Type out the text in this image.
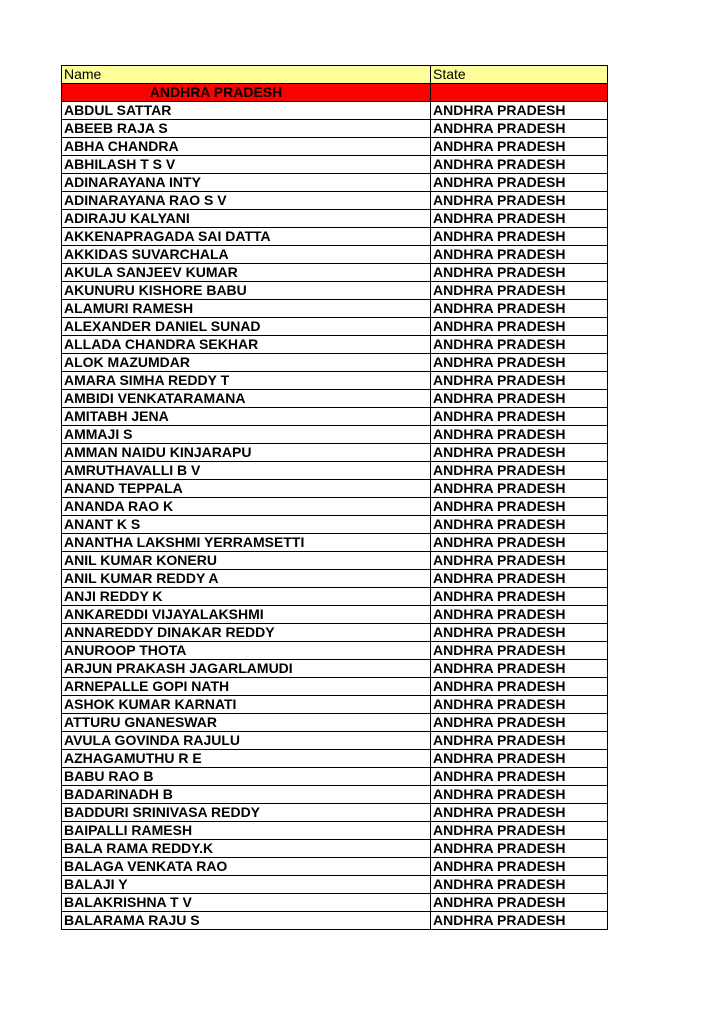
Name	State
ANDHRA PRADESH	
ABDUL SATTAR	ANDHRA PRADESH
ABEEB RAJA S	ANDHRA PRADESH
ABHA CHANDRA	ANDHRA PRADESH
ABHILASH T S V	ANDHRA PRADESH
ADINARAYANA INTY	ANDHRA PRADESH
ADINARAYANA RAO S V	ANDHRA PRADESH
ADIRAJU KALYANI	ANDHRA PRADESH
AKKENAPRAGADA SAI DATTA	ANDHRA PRADESH
AKKIDAS SUVARCHALA	ANDHRA PRADESH
AKULA SANJEEV KUMAR	ANDHRA PRADESH
AKUNURU KISHORE BABU	ANDHRA PRADESH
ALAMURI RAMESH	ANDHRA PRADESH
ALEXANDER DANIEL SUNAD	ANDHRA PRADESH
ALLADA CHANDRA SEKHAR	ANDHRA PRADESH
ALOK MAZUMDAR	ANDHRA PRADESH
AMARA SIMHA REDDY T	ANDHRA PRADESH
AMBIDI VENKATARAMANA	ANDHRA PRADESH
AMITABH JENA	ANDHRA PRADESH
AMMAJI S	ANDHRA PRADESH
AMMAN NAIDU KINJARAPU	ANDHRA PRADESH
AMRUTHAVALLI B V	ANDHRA PRADESH
ANAND TEPPALA	ANDHRA PRADESH
ANANDA RAO K	ANDHRA PRADESH
ANANT K S	ANDHRA PRADESH
ANANTHA LAKSHMI YERRAMSETTI	ANDHRA PRADESH
ANIL KUMAR KONERU	ANDHRA PRADESH
ANIL KUMAR REDDY A	ANDHRA PRADESH
ANJI REDDY K	ANDHRA PRADESH
ANKAREDDI VIJAYALAKSHMI	ANDHRA PRADESH
ANNAREDDY DINAKAR REDDY	ANDHRA PRADESH
ANUROOP THOTA	ANDHRA PRADESH
ARJUN PRAKASH JAGARLAMUDI	ANDHRA PRADESH
ARNEPALLE GOPI NATH	ANDHRA PRADESH
ASHOK KUMAR KARNATI	ANDHRA PRADESH
ATTURU GNANESWAR	ANDHRA PRADESH
AVULA GOVINDA RAJULU	ANDHRA PRADESH
AZHAGAMUTHU R E	ANDHRA PRADESH
BABU RAO B	ANDHRA PRADESH
BADARINADH B	ANDHRA PRADESH
BADDURI SRINIVASA REDDY	ANDHRA PRADESH
BAIPALLI RAMESH	ANDHRA PRADESH
BALA RAMA REDDY.K	ANDHRA PRADESH
BALAGA VENKATA RAO	ANDHRA PRADESH
BALAJI Y	ANDHRA PRADESH
BALAKRISHNA T V	ANDHRA PRADESH
BALARAMA RAJU S	ANDHRA PRADESH
